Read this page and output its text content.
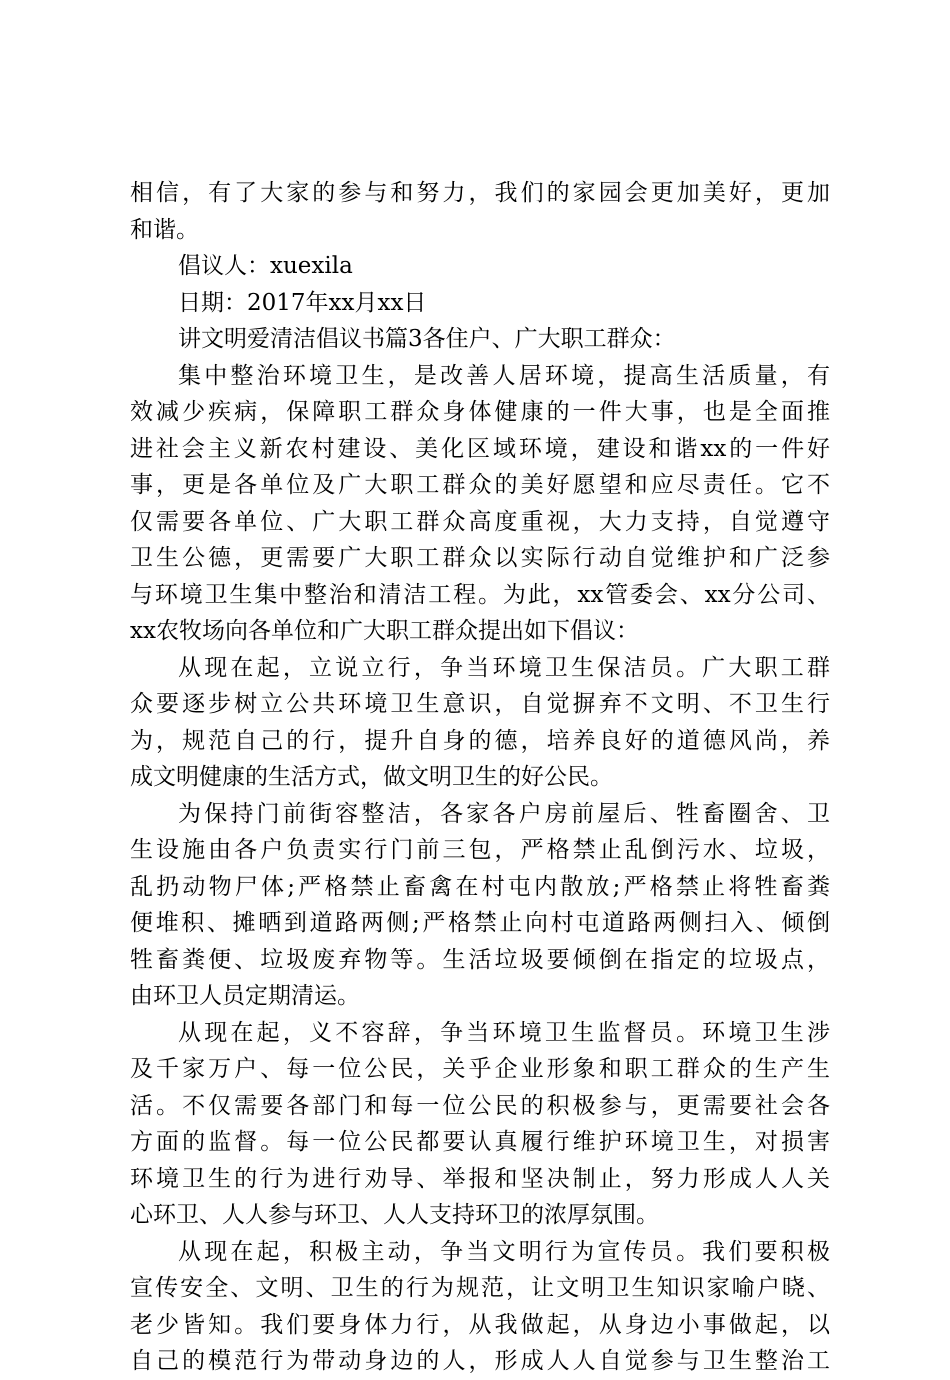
相信，有了大家的参与和努力，我们的家园会更加美好，更加
和谐。
倡议人：xuexila
日期：2017年xx月xx日
讲文明爱清洁倡议书篇3各住户、广大职工群众：
集中整治环境卫生，是改善人居环境，提高生活质量，有
效减少疾病，保障职工群众身体健康的一件大事，也是全面推
进社会主义新农村建设、美化区域环境，建设和谐xx的一件好
事，更是各单位及广大职工群众的美好愿望和应尽责任。它不
仅需要各单位、广大职工群众高度重视，大力支持，自觉遵守
卫生公德，更需要广大职工群众以实际行动自觉维护和广泛参
与环境卫生集中整治和清洁工程。为此，xx管委会、xx分公司、
xx农牧场向各单位和广大职工群众提出如下倡议：
从现在起，立说立行，争当环境卫生保洁员。广大职工群
众要逐步树立公共环境卫生意识，自觉摒弃不文明、不卫生行
为，规范自己的行，提升自身的德，培养良好的道德风尚，养
成文明健康的生活方式，做文明卫生的好公民。
为保持门前街容整洁，各家各户房前屋后、牲畜圈舍、卫
生设施由各户负责实行门前三包，严格禁止乱倒污水、垃圾，
乱扔动物尸体;严格禁止畜禽在村屯内散放;严格禁止将牲畜粪
便堆积、摊晒到道路两侧;严格禁止向村屯道路两侧扫入、倾倒
牲畜粪便、垃圾废弃物等。生活垃圾要倾倒在指定的垃圾点，
由环卫人员定期清运。
从现在起，义不容辞，争当环境卫生监督员。环境卫生涉
及千家万户、每一位公民，关乎企业形象和职工群众的生产生
活。不仅需要各部门和每一位公民的积极参与，更需要社会各
方面的监督。每一位公民都要认真履行维护环境卫生，对损害
环境卫生的行为进行劝导、举报和坚决制止，努力形成人人关
心环卫、人人参与环卫、人人支持环卫的浓厚氛围。
从现在起，积极主动，争当文明行为宣传员。我们要积极
宣传安全、文明、卫生的行为规范，让文明卫生知识家喻户晓、
老少皆知。我们要身体力行，从我做起，从身边小事做起，以
自己的模范行为带动身边的人，形成人人自觉参与卫生整治工
